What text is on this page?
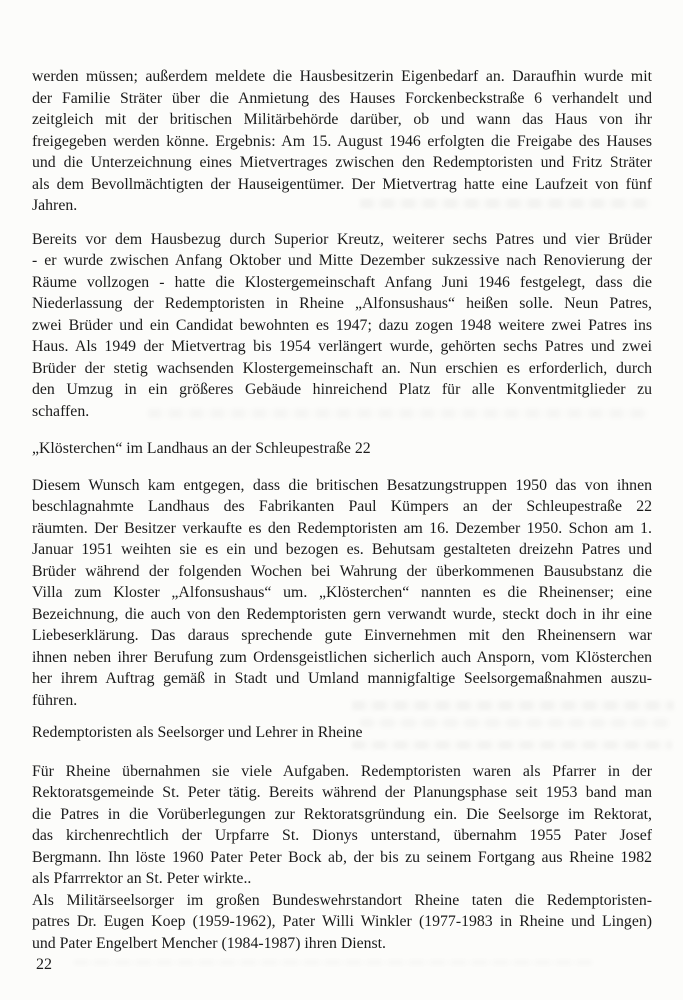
werden müssen; außerdem meldete die Hausbesitzerin Eigenbedarf an. Daraufhin wurde mit
der Familie Sträter über die Anmietung des Hauses Forckenbeckstraße 6 verhandelt und
zeitgleich mit der britischen Militärbehörde darüber, ob und wann das Haus von ihr
freigegeben werden könne. Ergebnis: Am 15. August 1946 erfolgten die Freigabe des Hauses
und die Unterzeichnung eines Mietvertrages zwischen den Redemptoristen und Fritz Sträter
als dem Bevollmächtigten der Hauseigentümer. Der Mietvertrag hatte eine Laufzeit von fünf
Jahren.
Bereits vor dem Hausbezug durch Superior Kreutz, weiterer sechs Patres und vier Brüder
- er wurde zwischen Anfang Oktober und Mitte Dezember sukzessive nach Renovierung der
Räume vollzogen - hatte die Klostergemeinschaft Anfang Juni 1946 festgelegt, dass die
Niederlassung der Redemptoristen in Rheine „Alfonsushaus“ heißen solle. Neun Patres,
zwei Brüder und ein Candidat bewohnten es 1947; dazu zogen 1948 weitere zwei Patres ins
Haus. Als 1949 der Mietvertrag bis 1954 verlängert wurde, gehörten sechs Patres und zwei
Brüder der stetig wachsenden Klostergemeinschaft an. Nun erschien es erforderlich, durch
den Umzug in ein größeres Gebäude hinreichend Platz für alle Konventmitglieder zu
schaffen.
„Klösterchen“ im Landhaus an der Schleupestraße 22
Diesem Wunsch kam entgegen, dass die britischen Besatzungstruppen 1950 das von ihnen
beschlagnahmte Landhaus des Fabrikanten Paul Kümpers an der Schleupestraße 22
räumten. Der Besitzer verkaufte es den Redemptoristen am 16. Dezember 1950. Schon am 1.
Januar 1951 weihten sie es ein und bezogen es. Behutsam gestalteten dreizehn Patres und
Brüder während der folgenden Wochen bei Wahrung der überkommenen Bausubstanz die
Villa zum Kloster „Alfonsushaus“ um. „Klösterchen“ nannten es die Rheinenser; eine
Bezeichnung, die auch von den Redemptoristen gern verwandt wurde, steckt doch in ihr eine
Liebeserklärung. Das daraus sprechende gute Einvernehmen mit den Rheinensern war
ihnen neben ihrer Berufung zum Ordensgeistlichen sicherlich auch Ansporn, vom Klösterchen
her ihrem Auftrag gemäß in Stadt und Umland mannigfaltige Seelsorgemaßnahmen auszu-
führen.
Redemptoristen als Seelsorger und Lehrer in Rheine
Für Rheine übernahmen sie viele Aufgaben. Redemptoristen waren als Pfarrer in der
Rektoratsgemeinde St. Peter tätig. Bereits während der Planungsphase seit 1953 band man
die Patres in die Vorüberlegungen zur Rektoratsgründung ein. Die Seelsorge im Rektorat,
das kirchenrechtlich der Urpfarre St. Dionys unterstand, übernahm 1955 Pater Josef
Bergmann. Ihn löste 1960 Pater Peter Bock ab, der bis zu seinem Fortgang aus Rheine 1982
als Pfarrrektor an St. Peter wirkte..
Als Militärseelsorger im großen Bundeswehrstandort Rheine taten die Redemptoristen-
patres Dr. Eugen Koep (1959-1962), Pater Willi Winkler (1977-1983 in Rheine und Lingen)
und Pater Engelbert Mencher (1984-1987) ihren Dienst.
22
